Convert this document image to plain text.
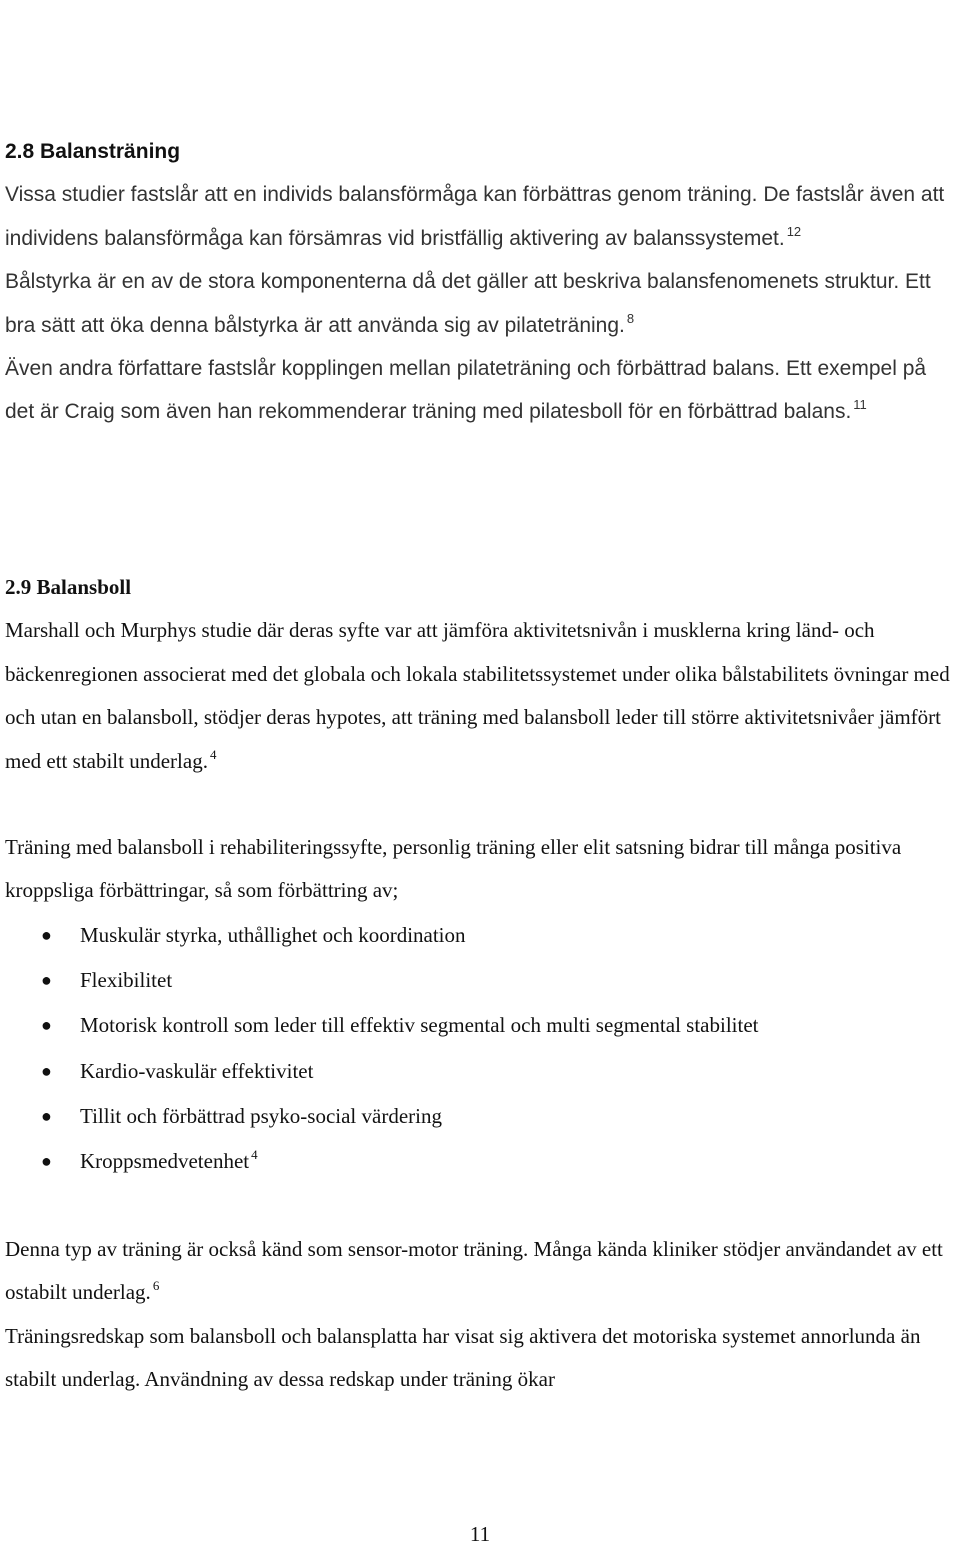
2.8 Balansträning

Vissa studier fastslår att en individs balansförmåga kan förbättras genom träning. De fastslår även att individens balansförmåga kan försämras vid bristfällig aktivering av balanssystemet. $^{12}$

Bålstyrka är en av de stora komponenterna då det gäller att beskriva balansfenomenets struktur. Ett bra sätt att öka denna bålstyrka är att använda sig av pilateträning. $^8$

Även andra författare fastslår kopplingen mellan pilateträning och förbättrad balans. Ett exempel på det är Craig som även han rekommenderar träning med pilatesboll för en förbättrad balans. $^{11}$

2.9 Balansboll

Marshall och Murphys studie där deras syfte var att jämföra aktivitetsnivån i musklerna kring länd- och bäckenregionen associerat med det globala och lokala stabilitetssystemet under olika bålstabilitets övningar med och utan en balansboll, stödjer deras hypotes, att träning med balansboll leder till större aktivitetsnivåer jämfört med ett stabilt underlag. $^4$

Träning med balansboll i rehabiliteringssyfte, personlig träning eller elit satsning bidrar till många positiva kroppsliga förbättringar, så som förbättring av;

● Muskulär styrka, uthållighet och koordination
● Flexibilitet
● Motorisk kontroll som leder till effektiv segmental och multi segmental stabilitet
● Kardio-vaskulär effektivitet
● Tillit och förbättrad psyko-social värdering
● Kroppsmedvetenhet $^4$

Denna typ av träning är också känd som sensor-motor träning. Många kända kliniker stödjer användandet av ett ostabilt underlag. $^6$

Träningsredskap som balansboll och balansplatta har visat sig aktivera det motoriska systemet annorlunda än stabilt underlag. Användning av dessa redskap under träning ökar

11
